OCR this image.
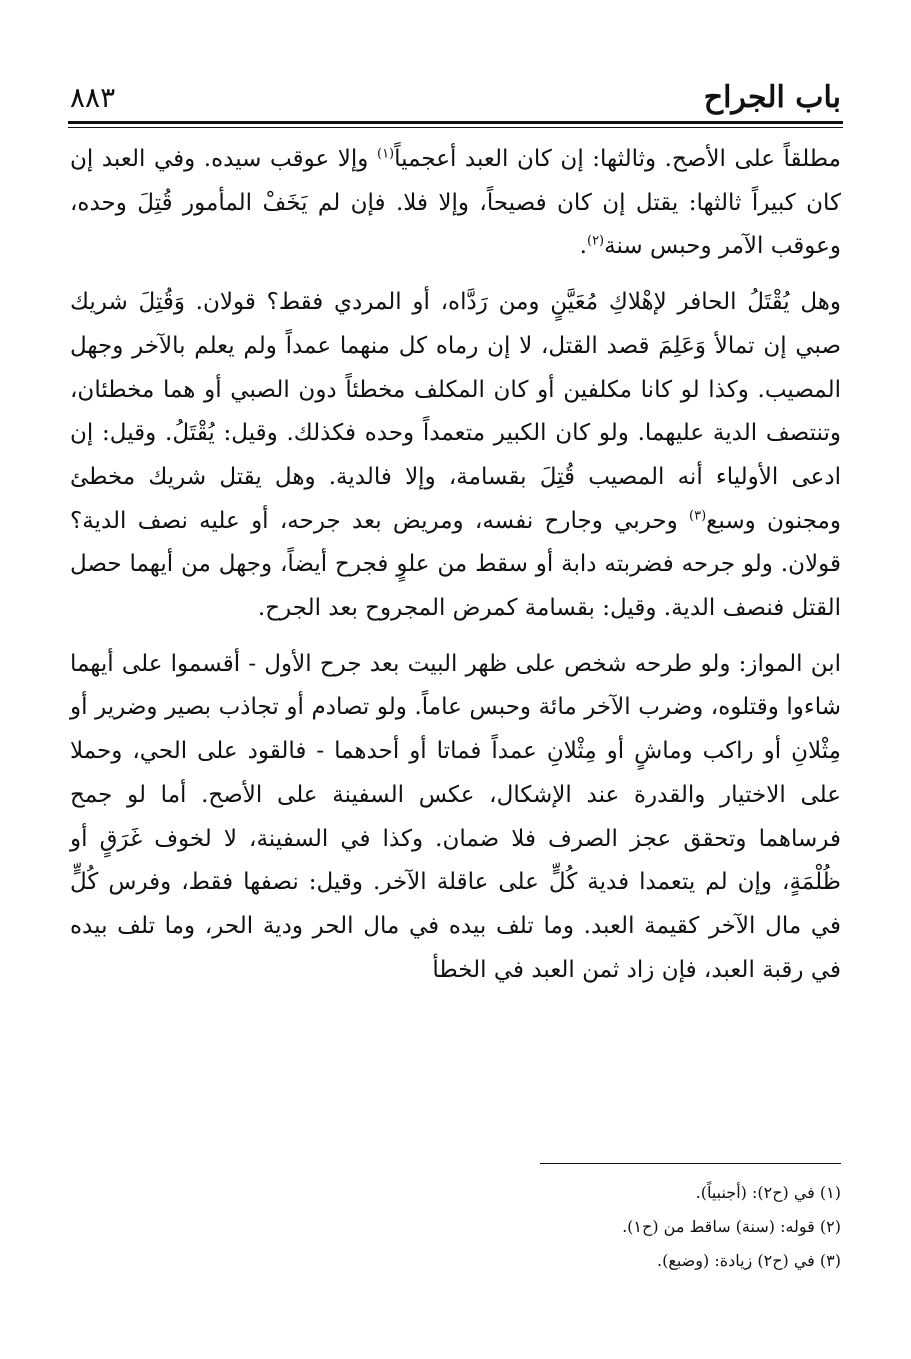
باب الجراح
٨٨٣

مطلقاً على الأصح. وثالثها: إن كان العبد أعجمياً$^{(١)}$ وإلا عوقب سيده. وفي العبد إن كان كبيراً ثالثها: يقتل إن كان فصيحاً، وإلا فلا. فإن لم يَخَفْ المأمور قُتِلَ وحده، وعوقب الآمر وحبس سنة$^{(٢)}$.

وهل يُقْتَلُ الحافر لإهْلاكِ مُعَيَّنٍ ومن رَدَّاه، أو المردي فقط؟ قولان. وَقُتِلَ شريك صبي إن تمالأ وَعَلِمَ قصد القتل، لا إن رماه كل منهما عمداً ولم يعلم بالآخر وجهل المصيب. وكذا لو كانا مكلفين أو كان المكلف مخطئاً دون الصبي أو هما مخطئان، وتنتصف الدية عليهما. ولو كان الكبير متعمداً وحده فكذلك. وقيل: يُقْتَلُ. وقيل: إن ادعى الأولياء أنه المصيب قُتِلَ بقسامة، وإلا فالدية. وهل يقتل شريك مخطئ ومجنون وسبع$^{(٣)}$ وحربي وجارح نفسه، ومريض بعد جرحه، أو عليه نصف الدية؟ قولان. ولو جرحه فضربته دابة أو سقط من علوٍ فجرح أيضاً، وجهل من أيهما حصل القتل فنصف الدية. وقيل: بقسامة كمرض المجروح بعد الجرح.

ابن المواز: ولو طرحه شخص على ظهر البيت بعد جرح الأول - أقسموا على أيهما شاءوا وقتلوه، وضرب الآخر مائة وحبس عاماً. ولو تصادم أو تجاذب بصير وضرير أو مِثْلانِ أو راكب وماشٍ أو مِثْلانِ عمداً فماتا أو أحدهما - فالقود على الحي، وحملا على الاختيار والقدرة عند الإشكال، عكس السفينة على الأصح. أما لو جمح فرساهما وتحقق عجز الصرف فلا ضمان. وكذا في السفينة، لا لخوف غَرَقٍ أو ظُلْمَةٍ، وإن لم يتعمدا فدية كُلٍّ على عاقلة الآخر. وقيل: نصفها فقط، وفرس كُلٍّ في مال الآخر كقيمة العبد. وما تلف بيده في مال الحر ودية الحر، وما تلف بيده في رقبة العبد، فإن زاد ثمن العبد في الخطأ

(١) في (ح٢): (أجنبياً).

(٢) قوله: (سنة) ساقط من (ح١).

(٣) في (ح٢) زيادة: (وضبع).
